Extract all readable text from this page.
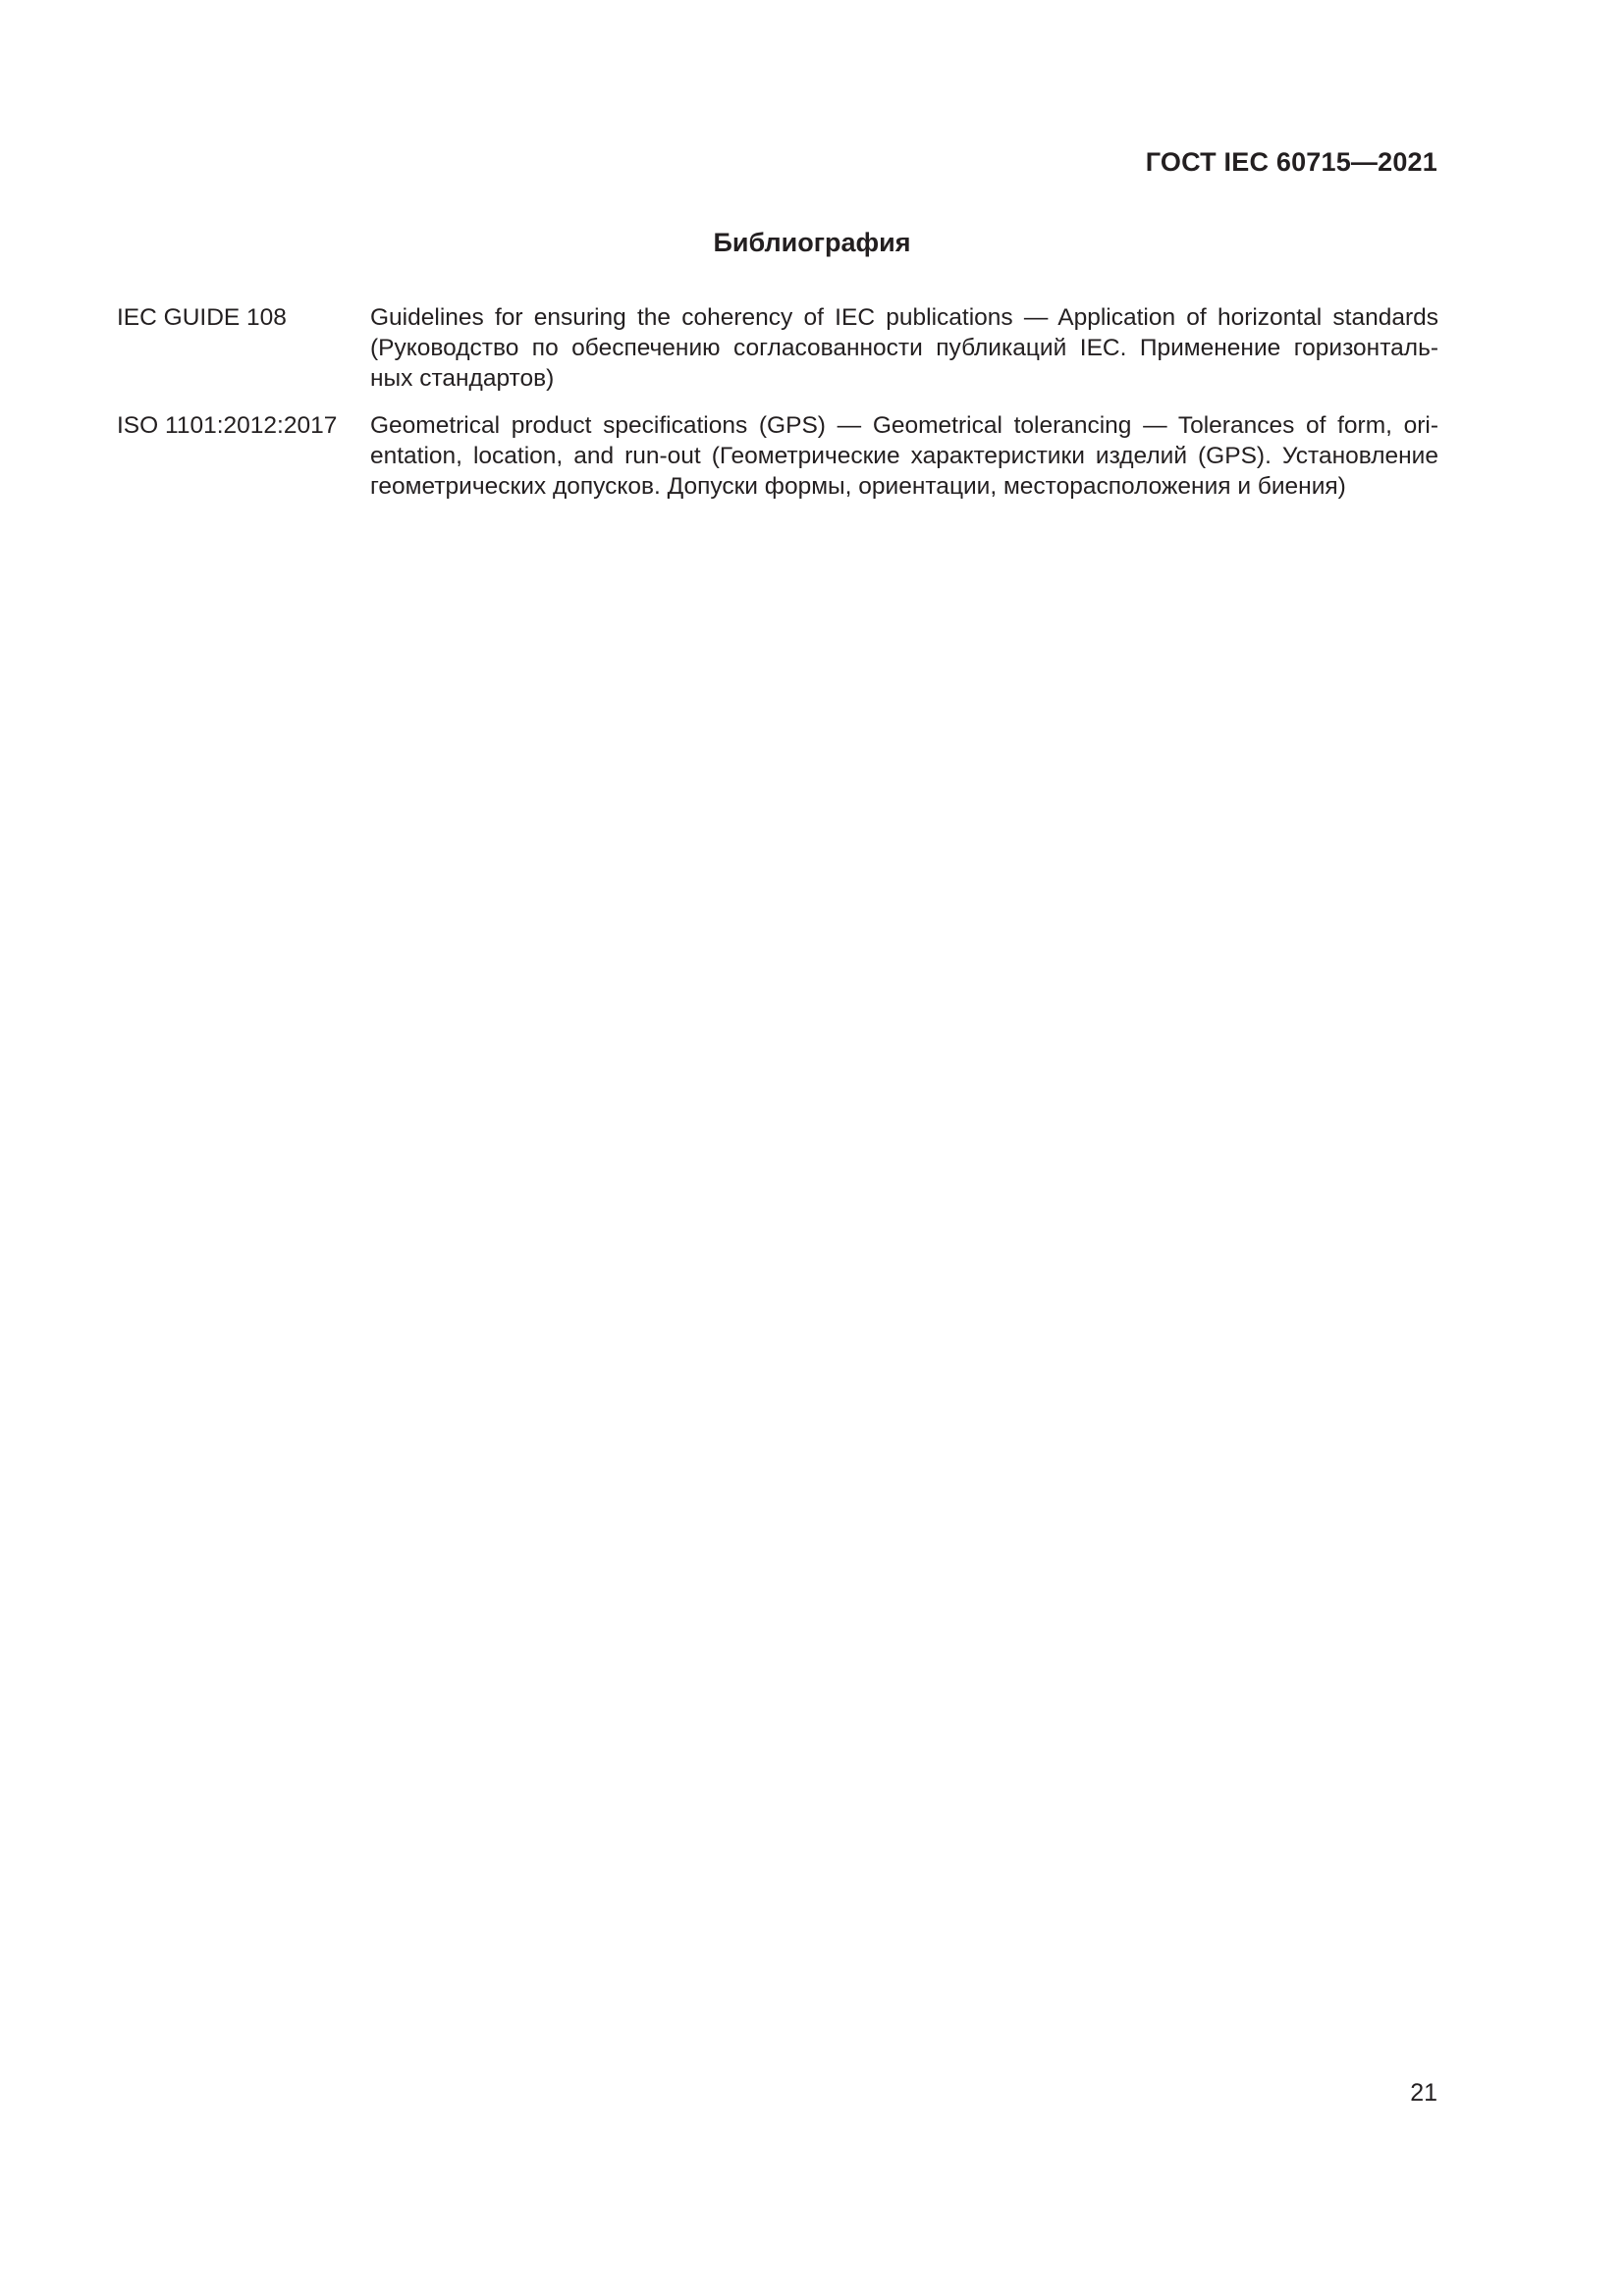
ГОСТ IEC 60715—2021
Библиография
IEC GUIDE 108	Guidelines for ensuring the coherency of IEC publications — Application of horizontal standards
(Руководство по обеспечению согласованности публикаций IEC. Применение горизонталь-
ных стандартов)
ISO 1101:2012:2017	Geometrical product specifications (GPS) — Geometrical tolerancing — Tolerances of form, ori-
entation, location, and run-out (Геометрические характеристики изделий (GPS). Установление
геометрических допусков. Допуски формы, ориентации, месторасположения и биения)
21
